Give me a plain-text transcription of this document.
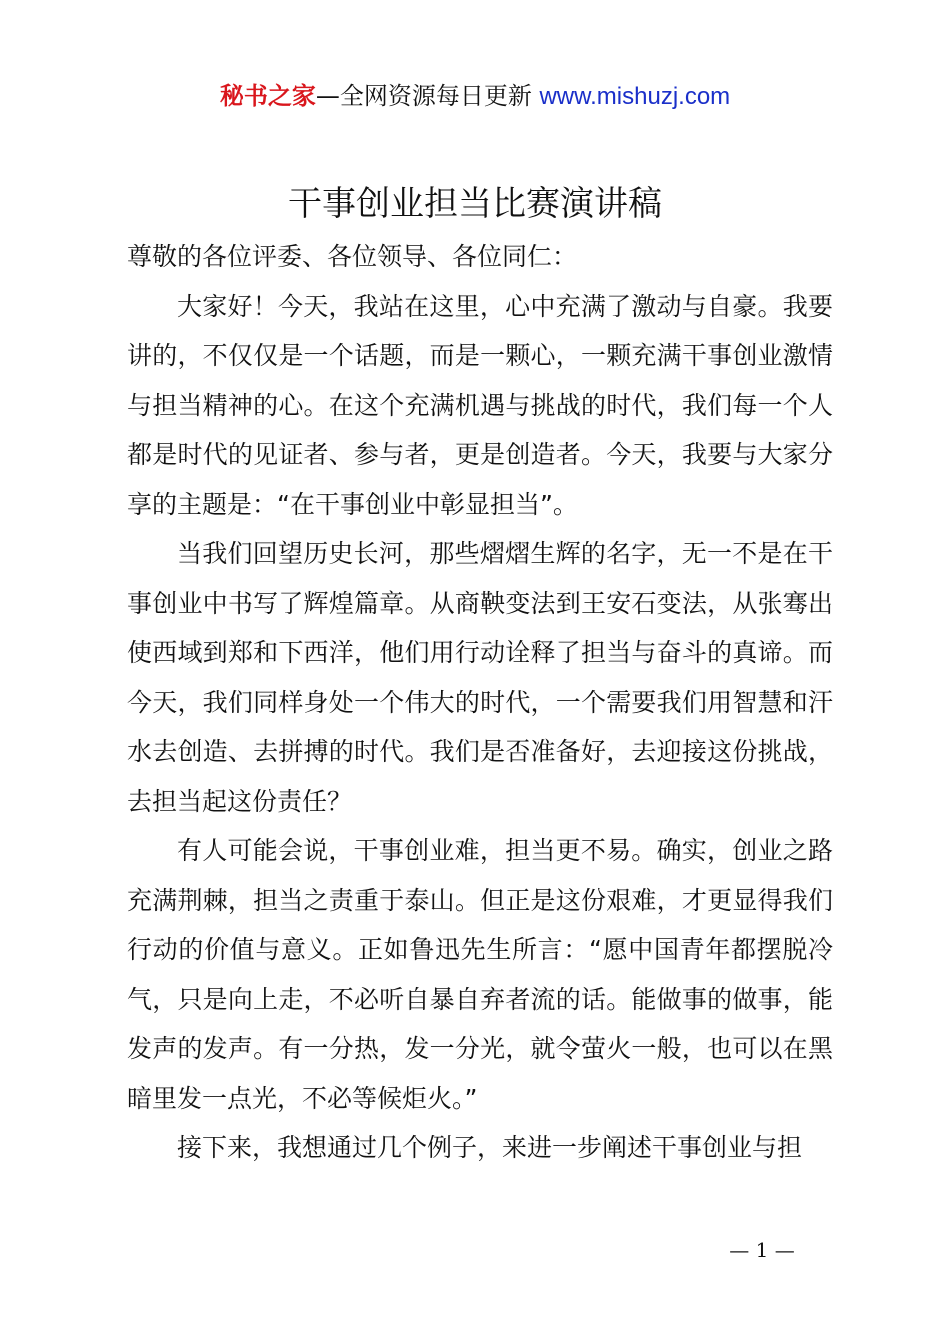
秘书之家—全网资源每日更新 www.mishuzj.com
干事创业担当比赛演讲稿

尊敬的各位评委、各位领导、各位同仁：

大家好！今天，我站在这里，心中充满了激动与自豪。我要讲的，不仅仅是一个话题，而是一颗心，一颗充满干事创业激情与担当精神的心。在这个充满机遇与挑战的时代，我们每一个人都是时代的见证者、参与者，更是创造者。今天，我要与大家分享的主题是：“在干事创业中彰显担当”。

当我们回望历史长河，那些熠熠生辉的名字，无一不是在干事创业中书写了辉煌篇章。从商鞅变法到王安石变法，从张骞出使西域到郑和下西洋，他们用行动诠释了担当与奋斗的真谛。而今天，我们同样身处一个伟大的时代，一个需要我们用智慧和汗水去创造、去拼搏的时代。我们是否准备好，去迎接这份挑战，去担当起这份责任？

有人可能会说，干事创业难，担当更不易。确实，创业之路充满荆棘，担当之责重于泰山。但正是这份艰难，才更显得我们行动的价值与意义。正如鲁迅先生所言：“愿中国青年都摆脱冷气，只是向上走，不必听自暴自弃者流的话。能做事的做事，能发声的发声。有一分热，发一分光，就令萤火一般，也可以在黑暗里发一点光，不必等候炬火。”

接下来，我想通过几个例子，来进一步阐述干事创业与担

— 1 —
